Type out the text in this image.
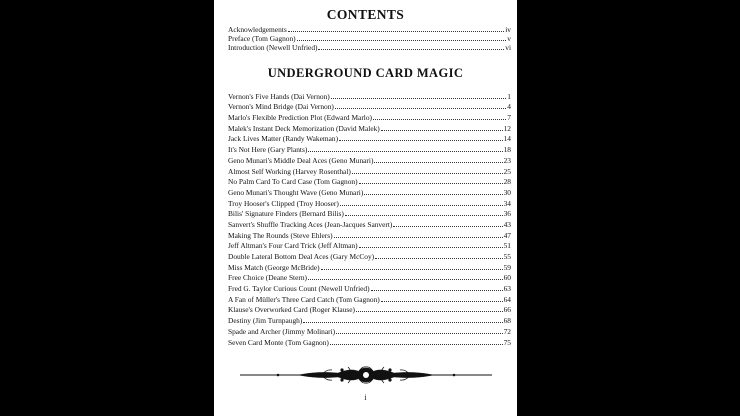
CONTENTS
Acknowledgements	iv
Preface (Tom Gagnon)	v
Introduction (Newell Unfried)	vi
UNDERGROUND CARD MAGIC
Vernon's Five Hands (Dai Vernon)	1
Vernon's Mind Bridge (Dai Vernon)	4
Marlo's Flexible Prediction Plot (Edward Marlo)	7
Malek's Instant Deck Memorization (David Malek)	12
Jack Lives Matter (Randy Wakeman)	14
It's Not Here (Gary Plants)	18
Geno Munari's Middle Deal Aces (Geno Munari)	23
Almost Self Working (Harvey Rosenthal)	25
No Palm Card To Card Case (Tom Gagnon)	28
Geno Munari's Thought Wave (Geno Munari)	30
Troy Hooser's Clipped (Troy Hooser)	34
Bilis' Signature Finders (Bernard Bilis)	36
Sanvert's Shuffle Tracking Aces (Jean-Jacques Sanvert)	43
Making The Rounds (Steve Ehlers)	47
Jeff Altman's Four Card Trick (Jeff Altman)	51
Double Lateral Bottom Deal Aces (Gary McCoy)	55
Miss Match (George McBride)	59
Free Choice (Deane Stern)	60
Fred G. Taylor Curious Count (Newell Unfried)	63
A Fan of Müller's Three Card Catch (Tom Gagnon)	64
Klause's Overworked Card (Roger Klause)	66
Destiny (Jim Turnpaugh)	68
Spade and Archer (Jimmy Molinari)	72
Seven Card Monte (Tom Gagnon)	75
i
